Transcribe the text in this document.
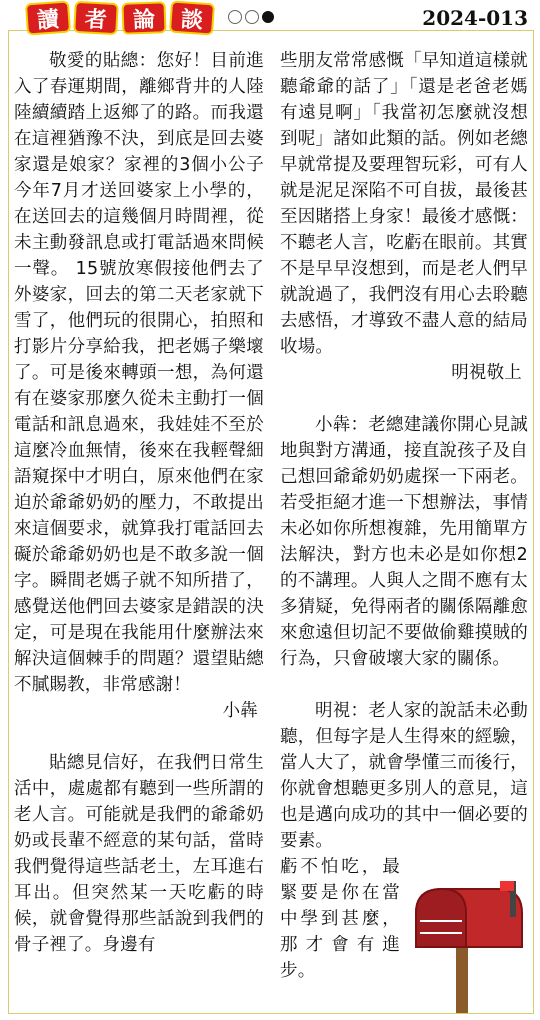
讀	者	論	談	2024-013

敬愛的貼總：您好！目前進入了春運期間，離鄉背井的人陸陸續續踏上返鄉了的路。而我還在這裡猶豫不決，到底是回去婆家還是娘家？家裡的3個小公子今年7月才送回婆家上小學的，在送回去的這幾個月時間裡，從未主動發訊息或打電話過來問候一聲。 15號放寒假接他們去了外婆家，回去的第二天老家就下雪了，他們玩的很開心，拍照和打影片分享給我，把老媽子樂壞了。可是後來轉頭一想，為何還有在婆家那麼久從未主動打一個電話和訊息過來，我娃娃不至於這麼冷血無情，後來在我輕聲細語窺探中才明白，原來他們在家迫於爺爺奶奶的壓力，不敢提出來這個要求，就算我打電話回去礙於爺爺奶奶也是不敢多說一個字。瞬間老媽子就不知所措了，感覺送他們回去婆家是錯誤的決定，可是現在我能用什麼辦法來解決這個棘手的問題？還望貼總不膩賜教，非常感謝！

小犇

貼總見信好，在我們日常生活中，處處都有聽到一些所謂的老人言。可能就是我們的爺爺奶奶或長輩不經意的某句話，當時我們覺得這些話老土，左耳進右耳出。但突然某一天吃虧的時候，就會覺得那些話說到我們的骨子裡了。身邊有

些朋友常常感慨「早知道這樣就聽爺爺的話了」「還是老爸老媽有遠見啊」「我當初怎麼就沒想到呢」諸如此類的話。例如老總早就常提及要理智玩彩，可有人就是泥足深陷不可自拔，最後甚至因賭搭上身家！最後才感慨：不聽老人言，吃虧在眼前。其實不是早早沒想到，而是老人們早就說過了，我們沒有用心去聆聽去感悟，才導致不盡人意的結局收場。

明視敬上

小犇：老總建議你開心見誠地與對方溝通，接直說孩子及自己想回爺爺奶奶處探一下兩老。若受拒絕才進一下想辦法，事情未必如你所想複雜，先用簡單方法解決，對方也未必是如你想2的不講理。人與人之間不應有太多猜疑，免得兩者的關係隔離愈來愈遠但切記不要做偷雞摸賊的行為，只會破壞大家的關係。

明視：老人家的說話未必動聽，但每字是人生得來的經驗，當人大了，就會學懂三而後行，你就會想聽更多別人的意見，這也是邁向成功的其中一個必要的要素。

虧不怕吃，最緊要是你在當中學到甚麼，那才會有進步。
